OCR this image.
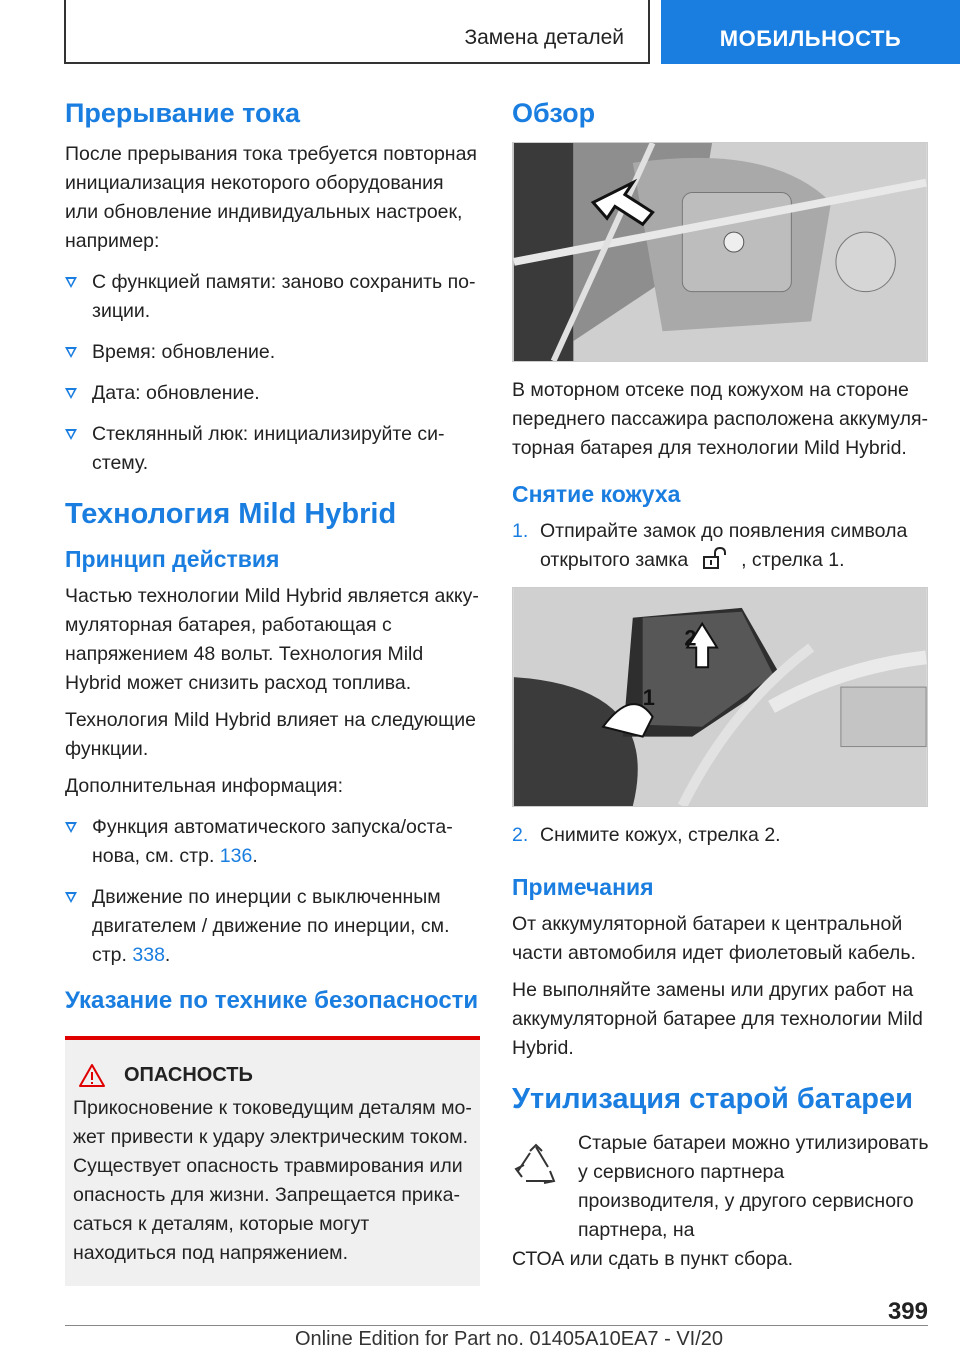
Замена деталей	МОБИЛЬНОСТЬ
Прерывание тока

После прерывания тока требуется повторная инициализация некоторого оборудования или обновление индивидуальных настроек, например:

С функцией памяти: заново сохранить позиции.
Время: обновление.
Дата: обновление.
Стеклянный люк: инициализируйте систему.
Технология Mild Hybrid
Принцип действия

Частью технологии Mild Hybrid является аккумуляторная батарея, работающая с напряжением 48 вольт. Технология Mild Hybrid может снизить расход топлива.

Технология Mild Hybrid влияет на следующие функции.

Дополнительная информация:

Функция автоматического запуска/останова, см. стр. 136.
Движение по инерции с выключенным двигателем / движение по инерции, см. стр. 338.
Указание по технике безопасности
ОПАСНОСТЬ

Прикосновение к токоведущим деталям может привести к удару электрическим током. Существует опасность травмирования или опасность для жизни. Запрещается прикасаться к деталям, которые могут находиться под напряжением.

Обзор

В моторном отсеке под кожухом на стороне переднего пассажира расположена аккумуляторная батарея для технологии Mild Hybrid.

Снятие кожуха
1. Отпирайте замок до появления символа открытого замка	, стрелка 1.
2
1
2. Снимите кожух, стрелка 2.
Примечания

От аккумуляторной батареи к центральной части автомобиля идет фиолетовый кабель.

Не выполняйте замены или других работ на аккумуляторной батарее для технологии Mild Hybrid.

Утилизация старой батареи

Старые батареи можно утилизировать у сервисного партнера производителя, у другого сервисного партнера, на

СТОА или сдать в пункт сбора.

399
Online Edition for Part no. 01405A10EA7 - VI/20
